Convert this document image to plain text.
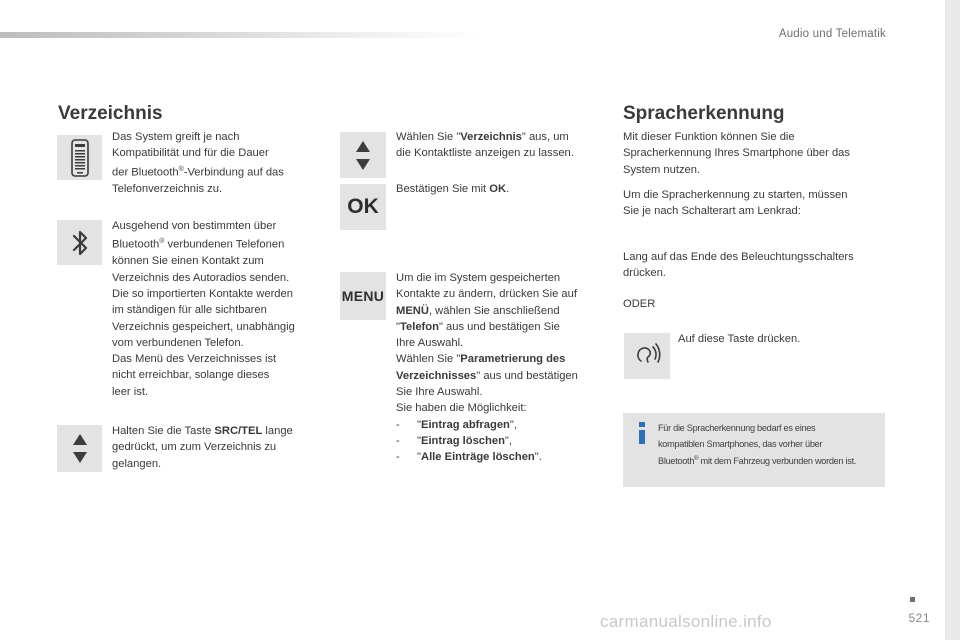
Audio und Telematik
Verzeichnis

Das System greift je nach
Kompatibilität und für die Dauer
der Bluetooth®-Verbindung auf das
Telefonverzeichnis zu.

Ausgehend von bestimmten über
Bluetooth® verbundenen Telefonen
können Sie einen Kontakt zum
Verzeichnis des Autoradios senden.
Die so importierten Kontakte werden
im ständigen für alle sichtbaren
Verzeichnis gespeichert, unabhängig
vom verbundenen Telefon.
Das Menü des Verzeichnisses ist
nicht erreichbar, solange dieses
leer ist.

Halten Sie die Taste SRC/TEL lange
gedrückt, um zum Verzeichnis zu
gelangen.

Wählen Sie "Verzeichnis" aus, um
die Kontaktliste anzeigen zu lassen.

OK

Bestätigen Sie mit OK.

MENU
Um die im System gespeicherten
Kontakte zu ändern, drücken Sie auf
MENÜ, wählen Sie anschließend
"Telefon" aus und bestätigen Sie
Ihre Auswahl.
Wählen Sie "Parametrierung des
Verzeichnisses" aus und bestätigen
Sie Ihre Auswahl.
Sie haben die Möglichkeit:
- "Eintrag abfragen",
- "Eintrag löschen",
- "Alle Einträge löschen".
Spracherkennung

Mit dieser Funktion können Sie die
Spracherkennung Ihres Smartphone über das
System nutzen.

Um die Spracherkennung zu starten, müssen
Sie je nach Schalterart am Lenkrad:

Lang auf das Ende des Beleuchtungsschalters
drücken.

ODER

Auf diese Taste drücken.

Für die Spracherkennung bedarf es eines
kompatiblen Smartphones, das vorher über
Bluetooth® mit dem Fahrzeug verbunden worden ist.
521
carmanualsonline.info
